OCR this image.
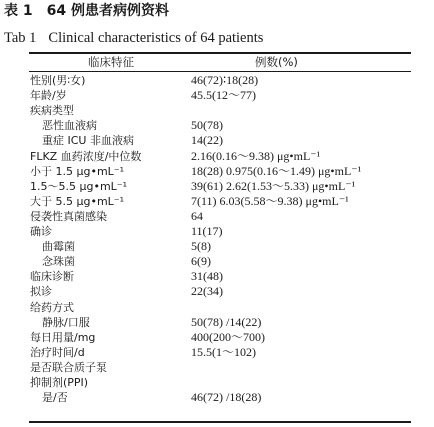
表 1　64 例患者病例资料
Tab 1 Clinical characteristics of 64 patients
临床特征	例数(%)
性别(男∶女)	46(72)∶18(28)
年龄/岁	45.5(12～77)
疾病类型
恶性血液病	50(78)
重症 ICU 非血液病	14(22)
FLKZ 血药浓度/中位数	2.16(0.16～9.38) μg•mL⁻¹
小于 1.5 μg•mL⁻¹	18(28) 0.975(0.16～1.49) μg•mL⁻¹
1.5～5.5 μg•mL⁻¹	39(61) 2.62(1.53～5.33) μg•mL⁻¹
大于 5.5 μg•mL⁻¹	7(11) 6.03(5.58～9.38) μg•mL⁻¹
侵袭性真菌感染	64
确诊	11(17)
曲霉菌	5(8)
念珠菌	6(9)
临床诊断	31(48)
拟诊	22(34)
给药方式
静脉/口服	50(78) /14(22)
每日用量/mg	400(200～700)
治疗时间/d	15.5(1～102)
是否联合质子泵
抑制剂(PPI)
是/否	46(72) /18(28)
